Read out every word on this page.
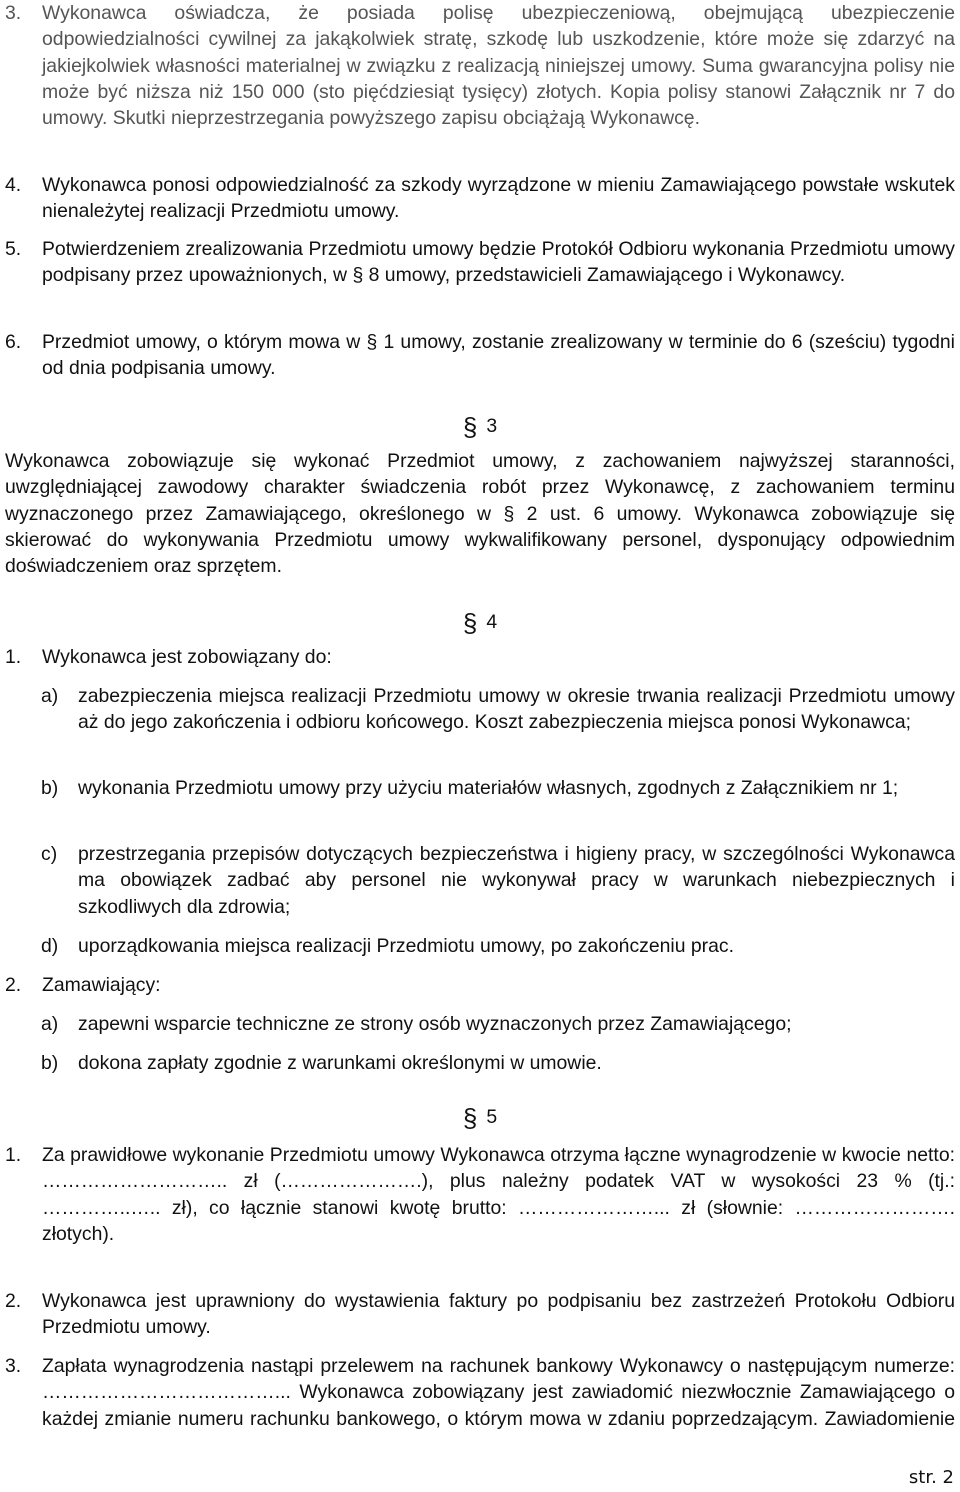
3. Wykonawca oświadcza, że posiada polisę ubezpieczeniową, obejmującą ubezpieczenie odpowiedzialności cywilnej za jakąkolwiek stratę, szkodę lub uszkodzenie, które może się zdarzyć na jakiejkolwiek własności materialnej w związku z realizacją niniejszej umowy. Suma gwarancyjna polisy nie może być niższa niż 150 000 (sto pięćdziesiąt tysięcy) złotych. Kopia polisy stanowi Załącznik nr 7 do umowy. Skutki nieprzestrzegania powyższego zapisu obciążają Wykonawcę.

4. Wykonawca ponosi odpowiedzialność za szkody wyrządzone w mieniu Zamawiającego powstałe wskutek nienależytej realizacji Przedmiotu umowy.

5. Potwierdzeniem zrealizowania Przedmiotu umowy będzie Protokół Odbioru wykonania Przedmiotu umowy podpisany przez upoważnionych, w § 8 umowy, przedstawicieli Zamawiającego i Wykonawcy.

6. Przedmiot umowy, o którym mowa w § 1 umowy, zostanie zrealizowany w terminie do 6 (sześciu) tygodni od dnia podpisania umowy.

§ 3

Wykonawca zobowiązuje się wykonać Przedmiot umowy, z zachowaniem najwyższej staranności, uwzględniającej zawodowy charakter świadczenia robót przez Wykonawcę, z zachowaniem terminu wyznaczonego przez Zamawiającego, określonego w § 2 ust. 6 umowy. Wykonawca zobowiązuje się skierować do wykonywania Przedmiotu umowy wykwalifikowany personel, dysponujący odpowiednim doświadczeniem oraz sprzętem.

§ 4

1. Wykonawca jest zobowiązany do:

a) zabezpieczenia miejsca realizacji Przedmiotu umowy w okresie trwania realizacji Przedmiotu umowy aż do jego zakończenia i odbioru końcowego. Koszt zabezpieczenia miejsca ponosi Wykonawca;

b) wykonania Przedmiotu umowy przy użyciu materiałów własnych, zgodnych z Załącznikiem nr 1;

c) przestrzegania przepisów dotyczących bezpieczeństwa i higieny pracy, w szczególności Wykonawca ma obowiązek zadbać aby personel nie wykonywał pracy w warunkach niebezpiecznych i szkodliwych dla zdrowia;

d) uporządkowania miejsca realizacji Przedmiotu umowy, po zakończeniu prac.

2. Zamawiający:

a) zapewni wsparcie techniczne ze strony osób wyznaczonych przez Zamawiającego;

b) dokona zapłaty zgodnie z warunkami określonymi w umowie.

§ 5

1. Za prawidłowe wykonanie Przedmiotu umowy Wykonawca otrzyma łączne wynagrodzenie w kwocie netto: ……………………….. zł (………………….), plus należny podatek VAT w wysokości 23 % (tj.: …………..….. zł), co łącznie stanowi kwotę brutto: …………………... zł (słownie: ……………………. złotych).

2. Wykonawca jest uprawniony do wystawienia faktury po podpisaniu bez zastrzeżeń Protokołu Odbioru Przedmiotu umowy.

3. Zapłata wynagrodzenia nastąpi przelewem na rachunek bankowy Wykonawcy o następującym numerze: ………………………………... Wykonawca zobowiązany jest zawiadomić niezwłocznie Zamawiającego o każdej zmianie numeru rachunku bankowego, o którym mowa w zdaniu poprzedzającym. Zawiadomienie

str. 2
